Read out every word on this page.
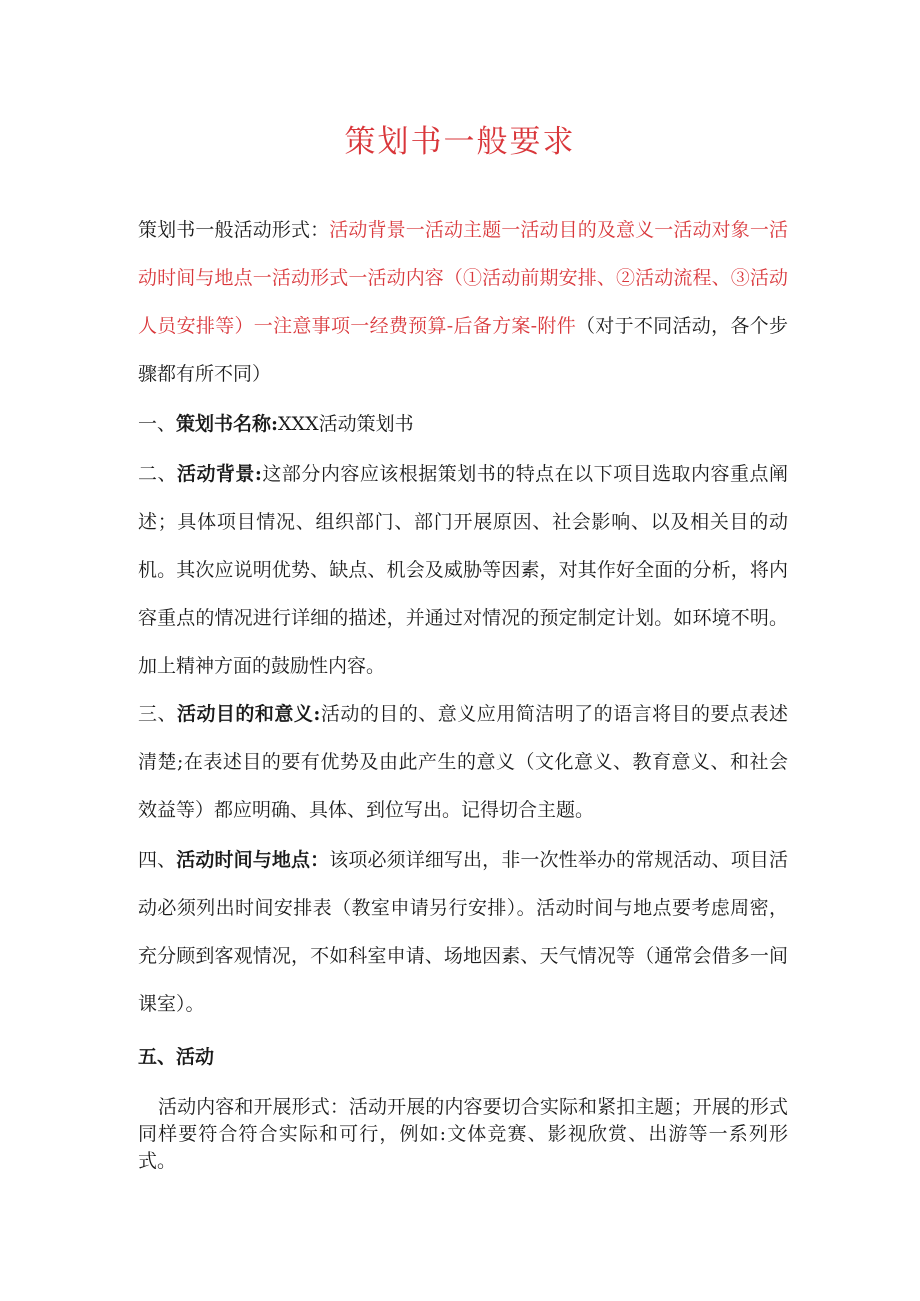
策划书一般要求
策划书一般活动形式：活动背景一活动主题一活动目的及意义一活动对象一活动时间与地点一活动形式一活动内容（①活动前期安排、②活动流程、③活动人员安排等）一注意事项一经费预算-后备方案-附件（对于不同活动，各个步骤都有所不同）
一、策划书名称:XXX活动策划书
二、活动背景:这部分内容应该根据策划书的特点在以下项目选取内容重点阐述；具体项目情况、组织部门、部门开展原因、社会影响、以及相关目的动机。其次应说明优势、缺点、机会及威胁等因素，对其作好全面的分析，将内容重点的情况进行详细的描述，并通过对情况的预定制定计划。如环境不明。加上精神方面的鼓励性内容。
三、活动目的和意义:活动的目的、意义应用简洁明了的语言将目的要点表述清楚;在表述目的要有优势及由此产生的意义（文化意义、教育意义、和社会效益等）都应明确、具体、到位写出。记得切合主题。
四、活动时间与地点：该项必须详细写出，非一次性举办的常规活动、项目活动必须列出时间安排表（教室申请另行安排）。活动时间与地点要考虑周密，充分顾到客观情况，不如科室申请、场地因素、天气情况等（通常会借多一间课室）。
五、活动
活动内容和开展形式：活动开展的内容要切合实际和紧扣主题；开展的形式同样要符合符合实际和可行，例如:文体竞赛、影视欣赏、出游等一系列形式。
